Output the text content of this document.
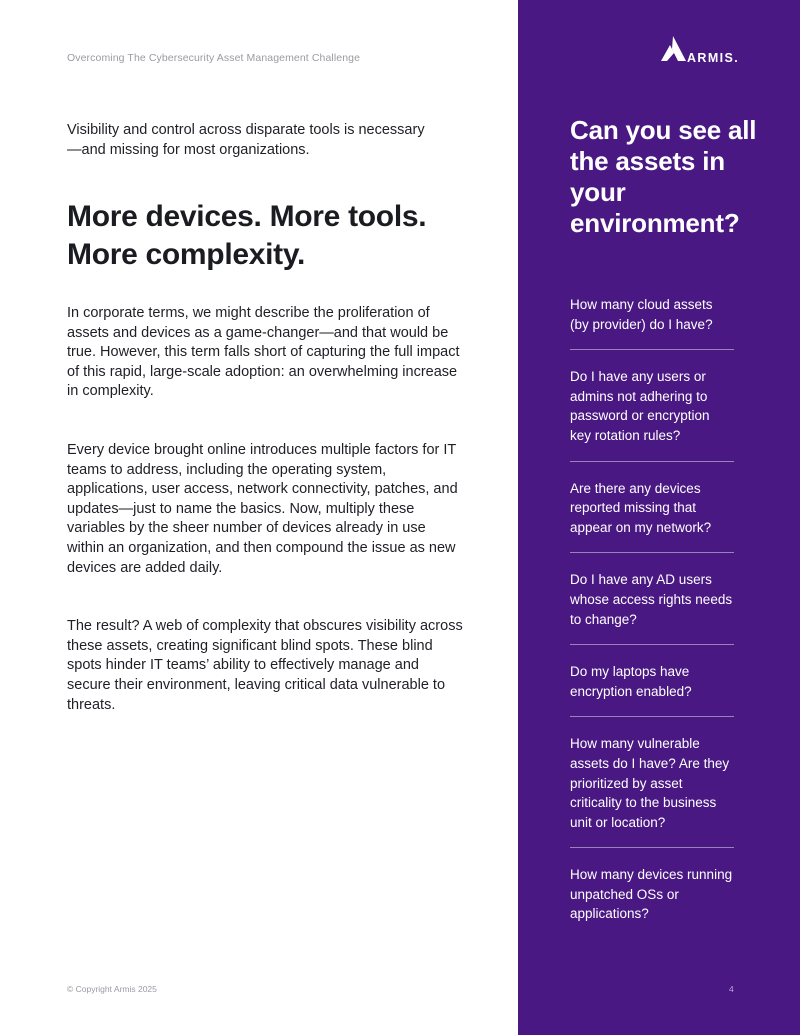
Overcoming The Cybersecurity Asset Management Challenge

Visibility and control across disparate tools is necessary—and missing for most organizations.

More devices. More tools. More complexity.

In corporate terms, we might describe the proliferation of assets and devices as a game-changer—and that would be true. However, this term falls short of capturing the full impact of this rapid, large-scale adoption: an overwhelming increase in complexity.

Every device brought online introduces multiple factors for IT teams to address, including the operating system, applications, user access, network connectivity, patches, and updates—just to name the basics. Now, multiply these variables by the sheer number of devices already in use within an organization, and then compound the issue as new devices are added daily.

The result? A web of complexity that obscures visibility across these assets, creating significant blind spots. These blind spots hinder IT teams’ ability to effectively manage and secure their environment, leaving critical data vulnerable to threats.

© Copyright Armis 2025
ARMIS.
Can you see all the assets in your environment?
How many cloud assets (by provider) do I have?
Do I have any users or admins not adhering to password or encryption key rotation rules?
Are there any devices reported missing that appear on my network?
Do I have any AD users whose access rights needs to change?
Do my laptops have encryption enabled?
How many vulnerable assets do I have? Are they prioritized by asset criticality to the business unit or location?
How many devices running unpatched OSs or applications?
4
